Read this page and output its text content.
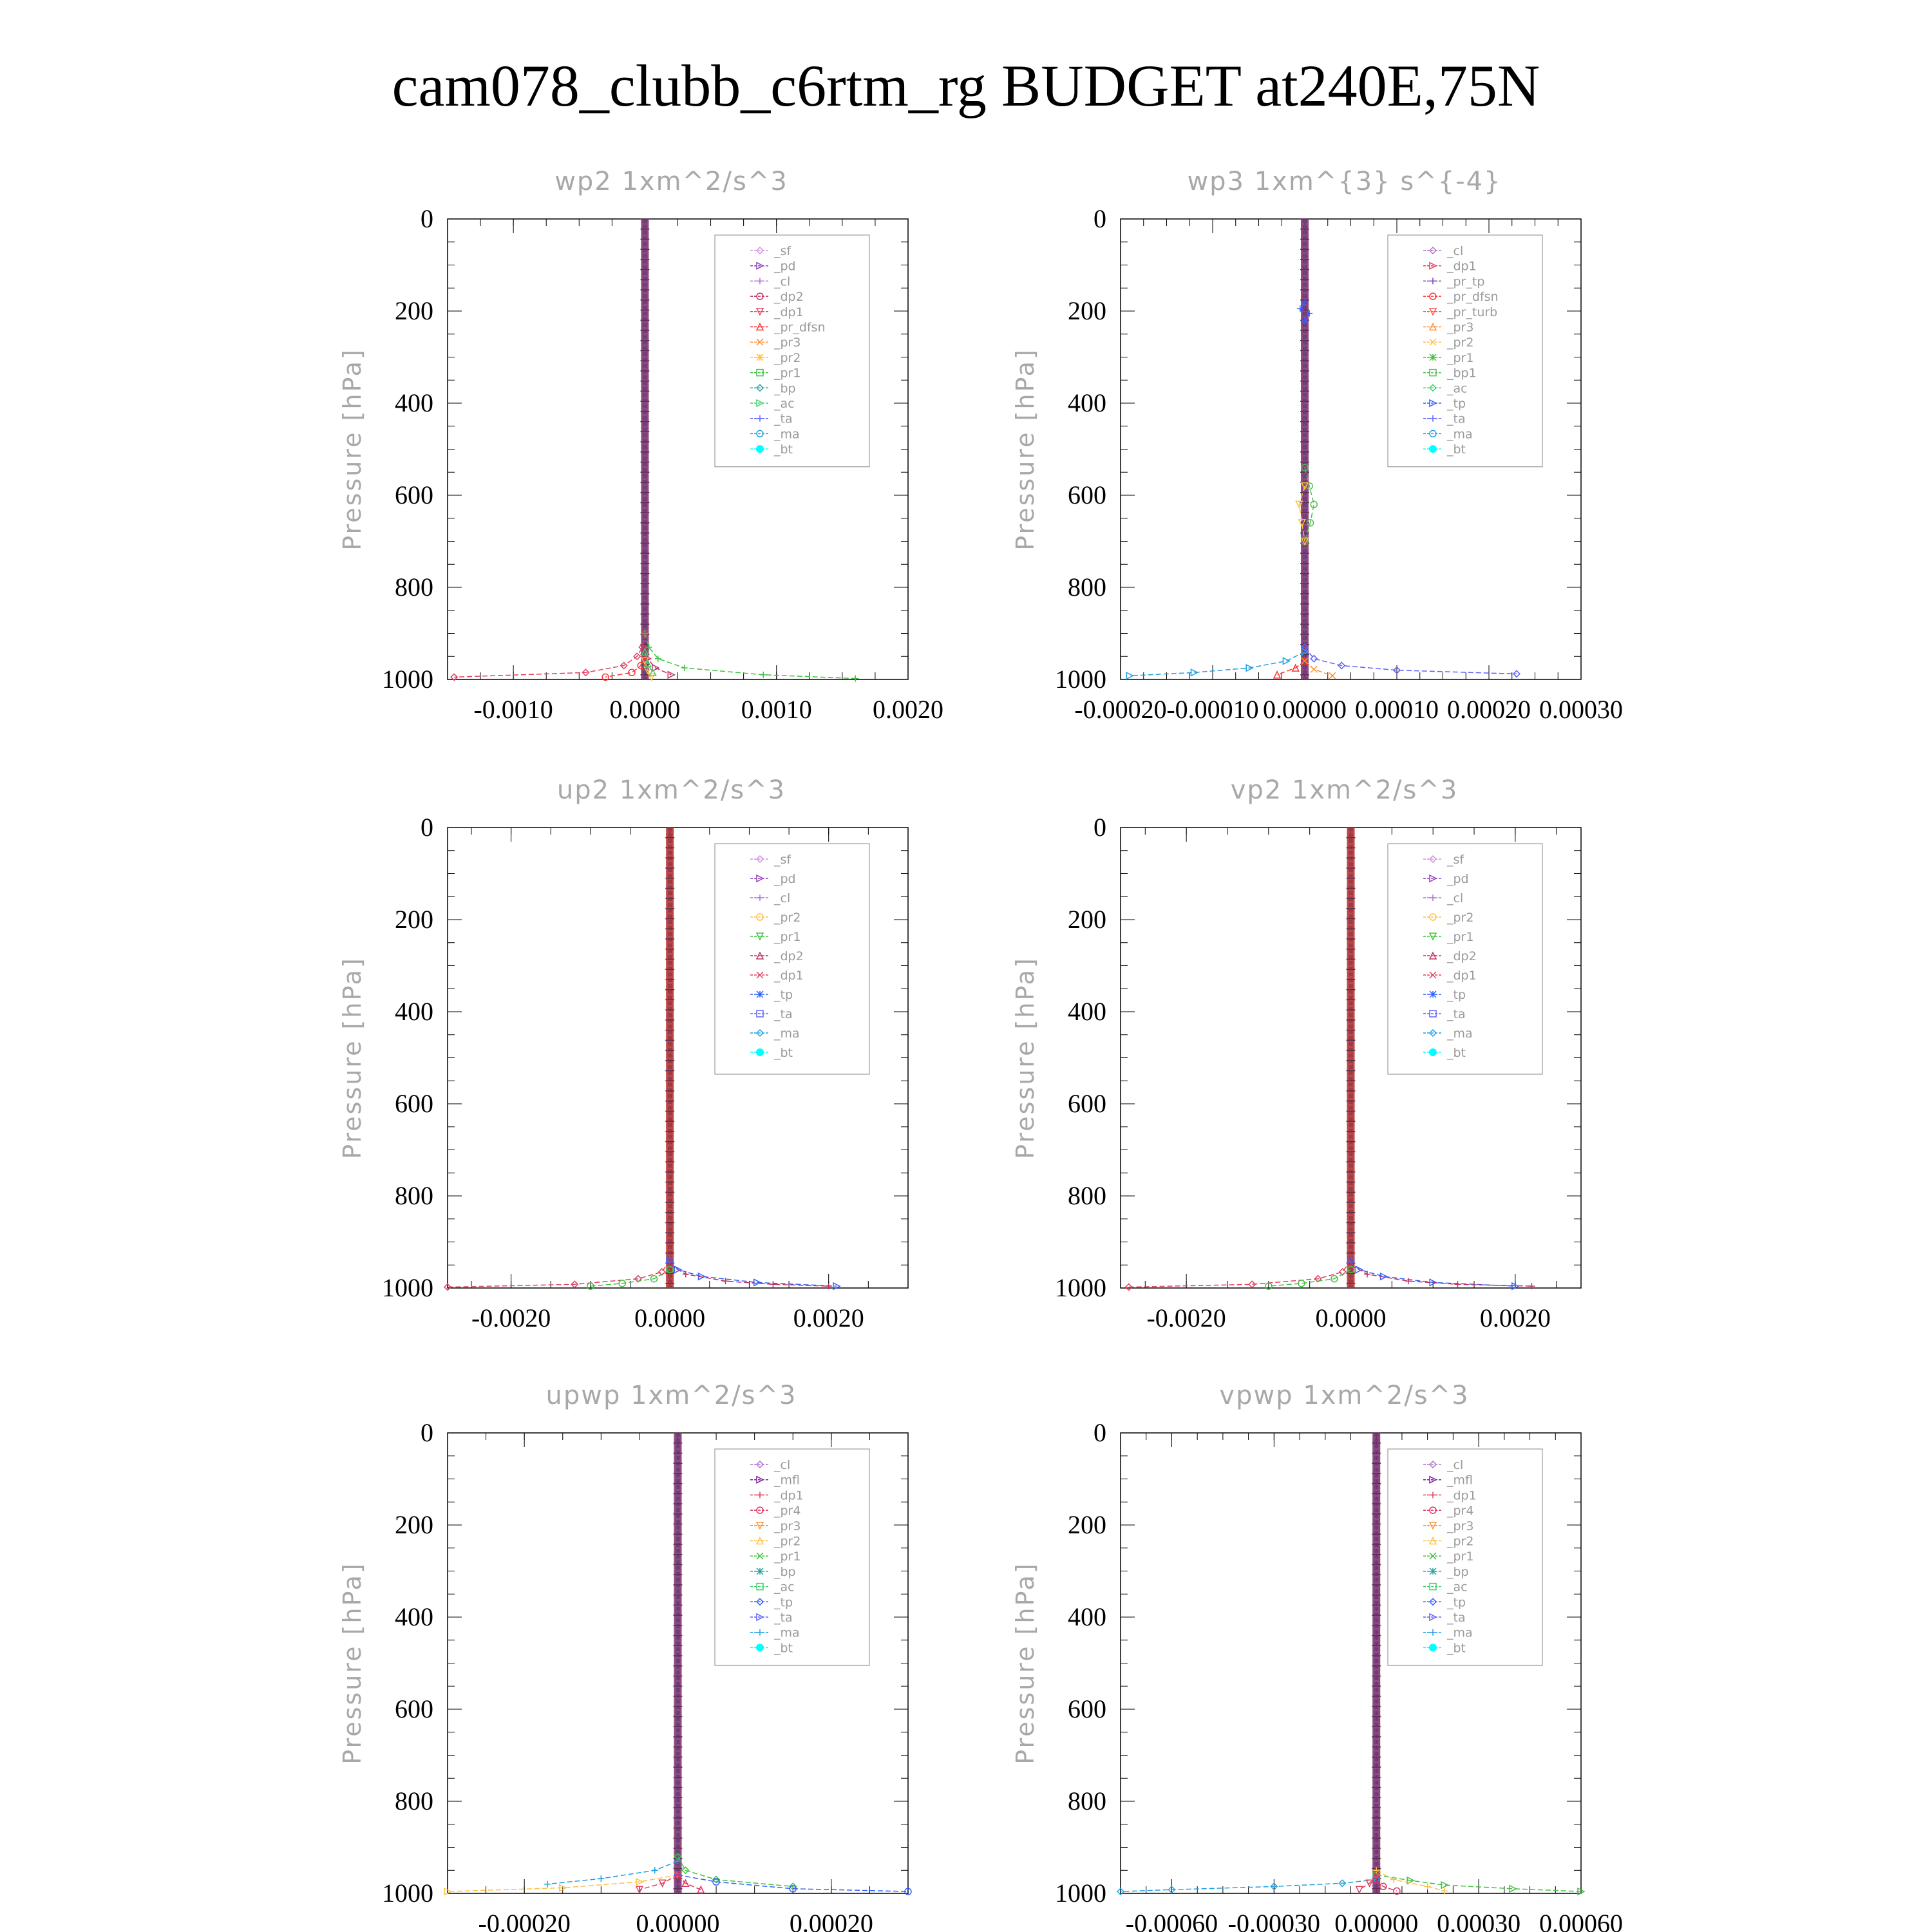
cam078_clubb_c6rtm_rg BUDGET at240E,75N
wp2 1xm^2/s^3
Pressure [hPa]
0
200
400
600
800
1000
-0.0010 0.0000 0.0010 0.0020
_sf
_pd
_cl
_dp2
_dp1
_pr_dfsn
_pr3
_pr2
_pr1
_bp
_ac
_ta
_ma
_bt
wp3 1xm^{3} s^{-4}
Pressure [hPa]
0
200
400
600
800
1000
-0.00020 -0.00010 0.00000 0.00010 0.00020 0.00030
_cl
_dp1
_pr_tp
_pr_dfsn
_pr_turb
_pr3
_pr2
_pr1
_bp1
_ac
_tp
_ta
_ma
_bt
up2 1xm^2/s^3
Pressure [hPa]
0
200
400
600
800
1000
-0.0020	0.0000	0.0020
_sf
_pd
_cl
_pr2
_pr1
_dp2
_dp1
_tp
_ta
_ma
_bt
vp2 1xm^2/s^3
Pressure [hPa]
0
200
400
600
800
1000
-0.0020	0.0000	0.0020
_sf
_pd
_cl
_pr2
_pr1
_dp2
_dp1
_tp
_ta
_ma
_bt
upwp 1xm^2/s^3
Pressure [hPa]
0
200
400
600
800
1000
-0.00020	0.00000	0.00020
_cl
_mfl
_dp1
_pr4
_pr3
_pr2
_pr1
_bp
_ac
_tp
_ta
_ma
_bt
vpwp 1xm^2/s^3
Pressure [hPa]
0
200
400
600
800
1000
-0.00060 -0.00030 0.00000 0.00030 0.00060
_cl
_mfl
_dp1
_pr4
_pr3
_pr2
_pr1
_bp
_ac
_tp
_ta
_ma
_bt
